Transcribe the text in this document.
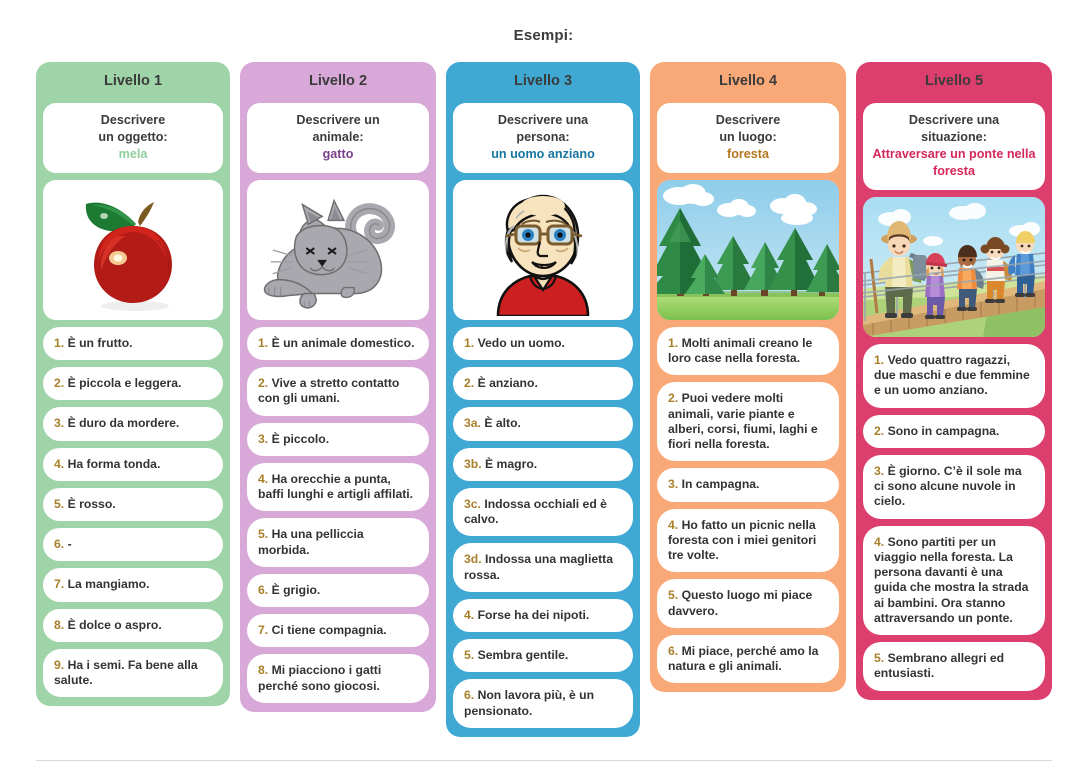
Esempi:
Livello 1
Descrivere
un oggetto:
mela
1. È un frutto.
2. È piccola e leggera.
3. È duro da mordere.
4. Ha forma tonda.
5. È rosso.
6. -
7. La mangiamo.
8. È dolce o aspro.
9. Ha i semi. Fa bene alla salute.
Livello 2
Descrivere un
animale:
gatto
1. È un animale domestico.
2. Vive a stretto contatto con gli umani.
3. È piccolo.
4. Ha orecchie a punta, baffi lunghi e artigli affilati.
5. Ha una pelliccia morbida.
6. È grigio.
7. Ci tiene compagnia.
8. Mi piacciono i gatti perché sono giocosi.
Livello 3
Descrivere una
persona:
un uomo anziano
1. Vedo un uomo.
2. È anziano.
3a. È alto.
3b. È magro.
3c. Indossa occhiali ed è calvo.
3d. Indossa una maglietta rossa.
4. Forse ha dei nipoti.
5. Sembra gentile.
6. Non lavora più, è un pensionato.
Livello 4
Descrivere
un luogo:
foresta
1. Molti animali creano le loro case nella foresta.
2. Puoi vedere molti animali, varie piante e alberi, corsi, fiumi, laghi e fiori nella foresta.
3. In campagna.
4. Ho fatto un picnic nella foresta con i miei genitori tre volte.
5. Questo luogo mi piace davvero.
6. Mi piace, perché amo la natura e gli animali.
Livello 5
Descrivere una
situazione:
Attraversare un ponte nella foresta
1. Vedo quattro ragazzi, due maschi e due femmine e un uomo anziano.
2. Sono in campagna.
3. È giorno. C’è il sole ma ci sono alcune nuvole in cielo.
4. Sono partiti per un viaggio nella foresta. La persona davanti è una guida che mostra la strada ai bambini. Ora stanno attraversando un ponte.
5. Sembrano allegri ed entusiasti.
